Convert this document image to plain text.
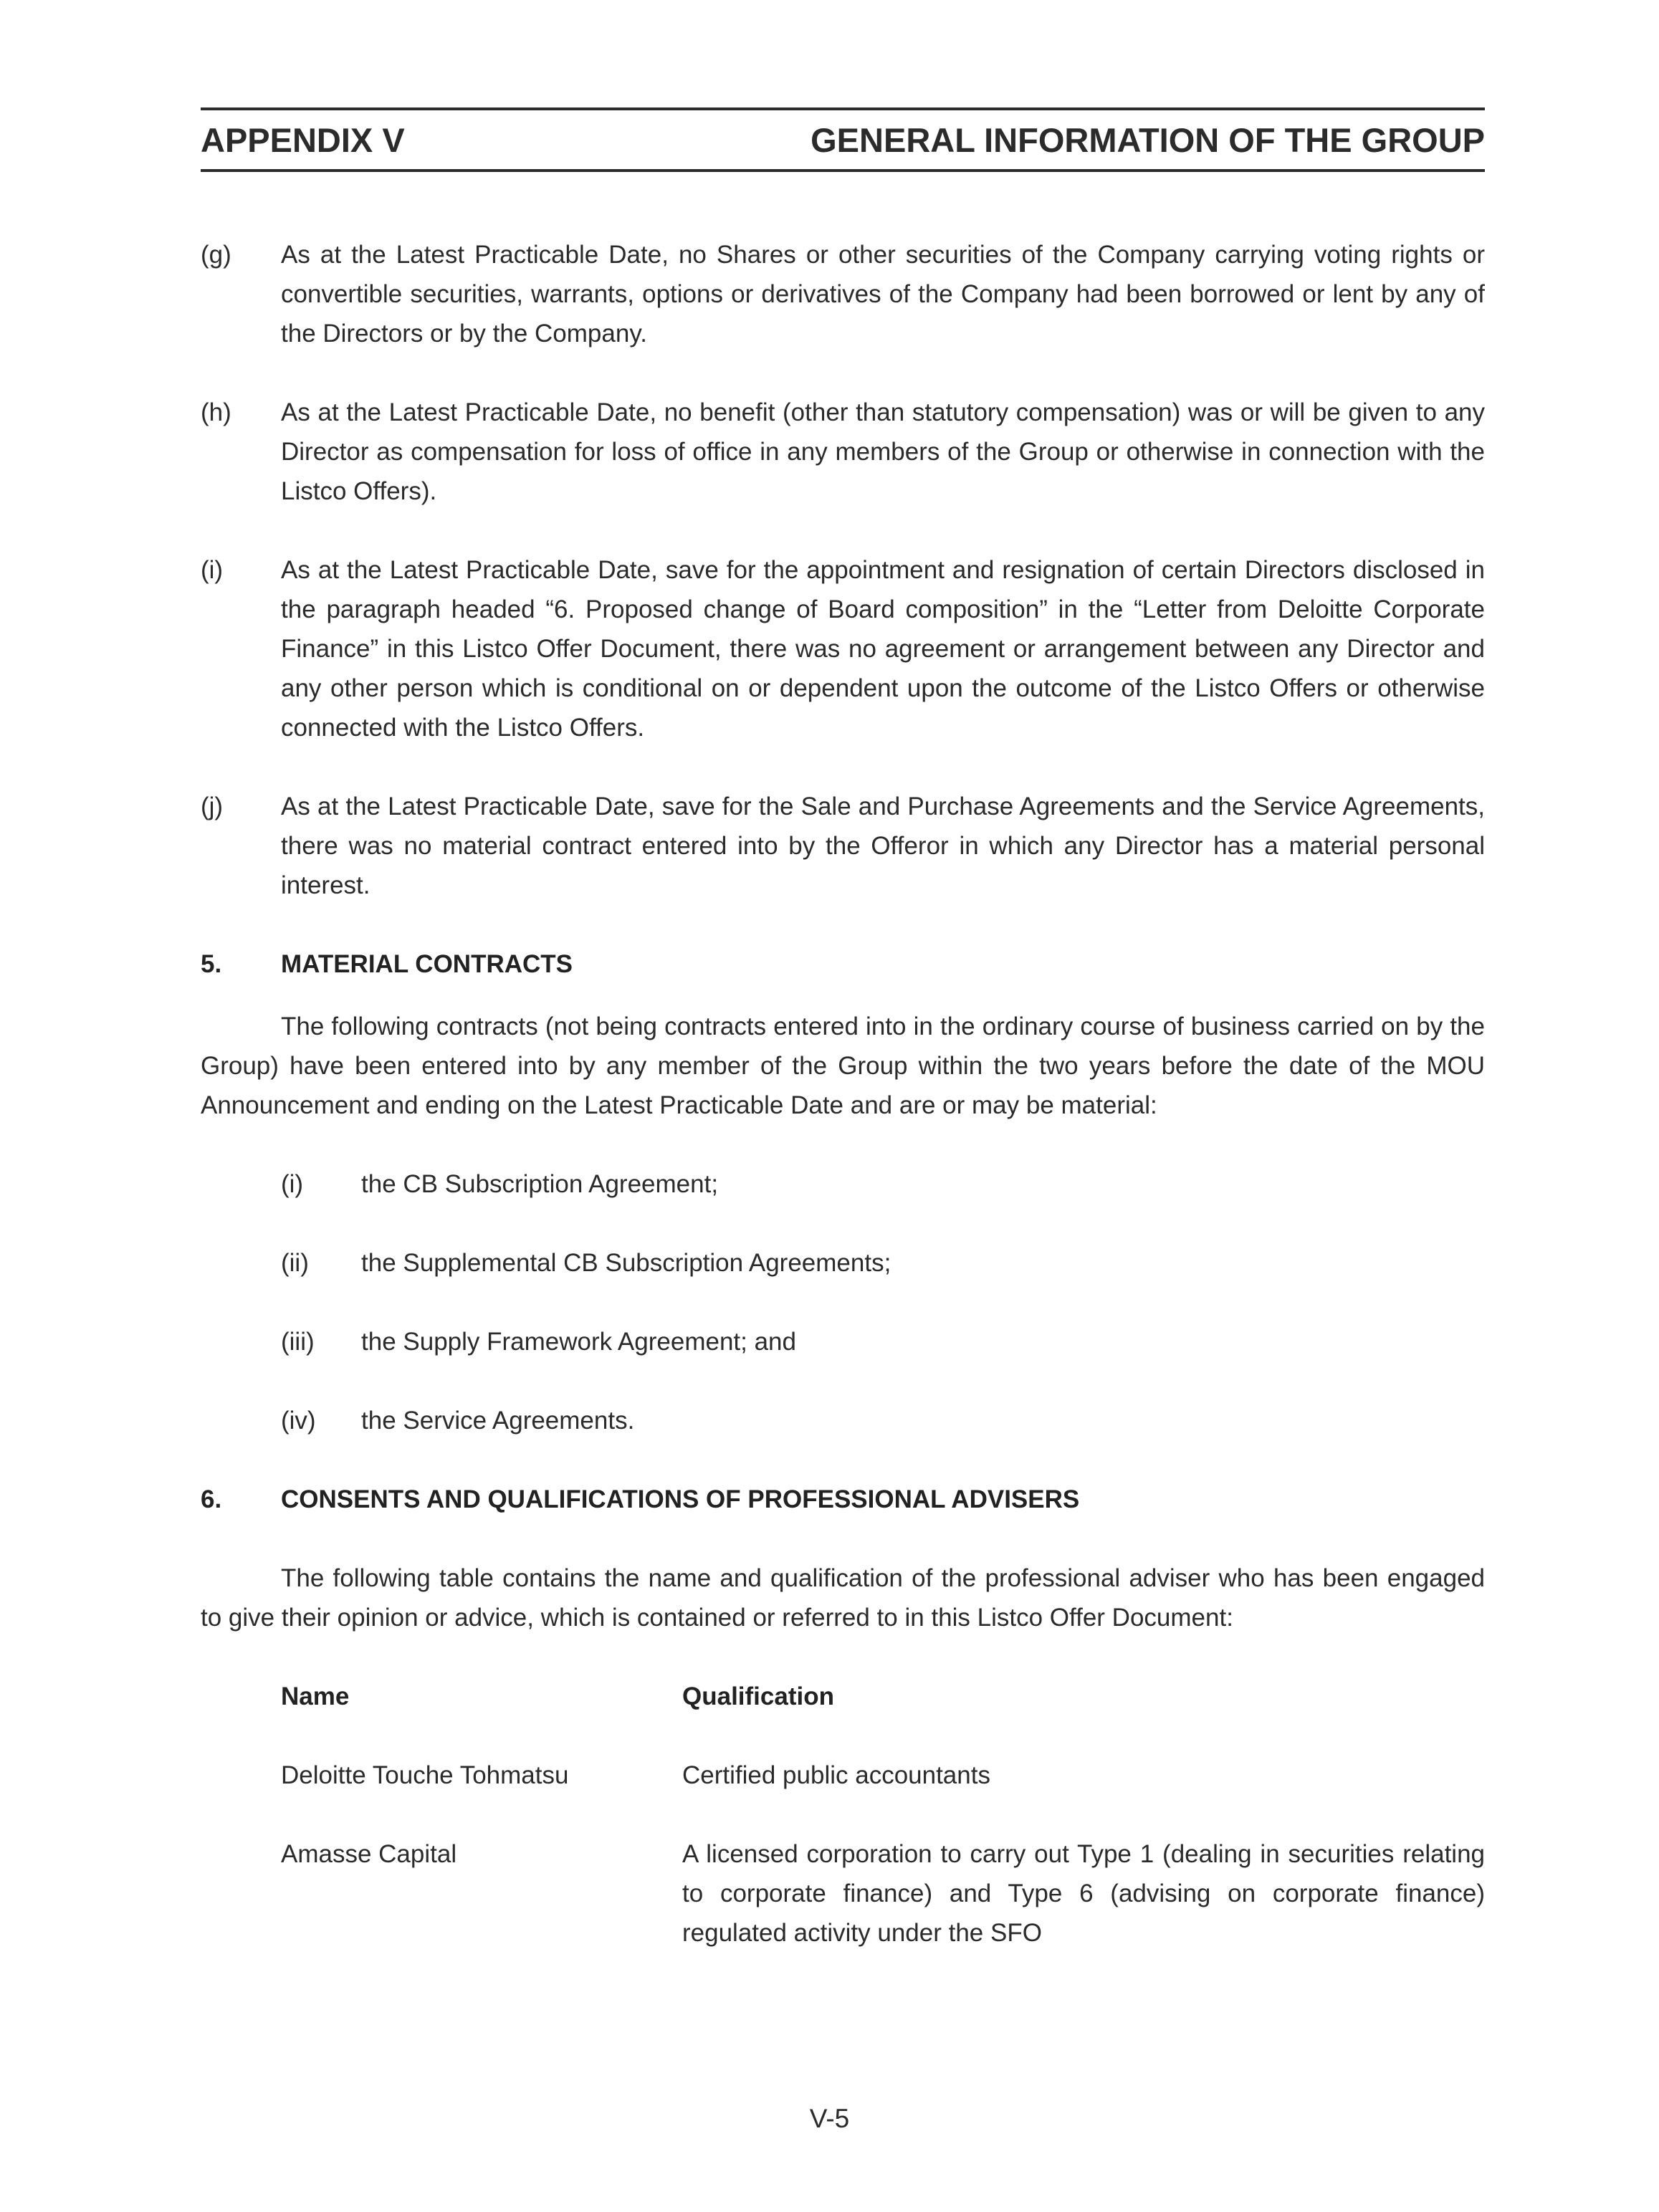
APPENDIX V	GENERAL INFORMATION OF THE GROUP
(g)	As at the Latest Practicable Date, no Shares or other securities of the Company carrying voting rights or convertible securities, warrants, options or derivatives of the Company had been borrowed or lent by any of the Directors or by the Company.
(h)	As at the Latest Practicable Date, no benefit (other than statutory compensation) was or will be given to any Director as compensation for loss of office in any members of the Group or otherwise in connection with the Listco Offers).
(i)	As at the Latest Practicable Date, save for the appointment and resignation of certain Directors disclosed in the paragraph headed “6. Proposed change of Board composition” in the “Letter from Deloitte Corporate Finance” in this Listco Offer Document, there was no agreement or arrangement between any Director and any other person which is conditional on or dependent upon the outcome of the Listco Offers or otherwise connected with the Listco Offers.
(j)	As at the Latest Practicable Date, save for the Sale and Purchase Agreements and the Service Agreements, there was no material contract entered into by the Offeror in which any Director has a material personal interest.
5.	MATERIAL CONTRACTS
The following contracts (not being contracts entered into in the ordinary course of business carried on by the Group) have been entered into by any member of the Group within the two years before the date of the MOU Announcement and ending on the Latest Practicable Date and are or may be material:
(i)	the CB Subscription Agreement;
(ii)	the Supplemental CB Subscription Agreements;
(iii)	the Supply Framework Agreement; and
(iv)	the Service Agreements.
6.	CONSENTS AND QUALIFICATIONS OF PROFESSIONAL ADVISERS
The following table contains the name and qualification of the professional adviser who has been engaged to give their opinion or advice, which is contained or referred to in this Listco Offer Document:
Name	Qualification
Deloitte Touche Tohmatsu	Certified public accountants
Amasse Capital	A licensed corporation to carry out Type 1 (dealing in securities relating to corporate finance) and Type 6 (advising on corporate finance) regulated activity under the SFO
V-5
